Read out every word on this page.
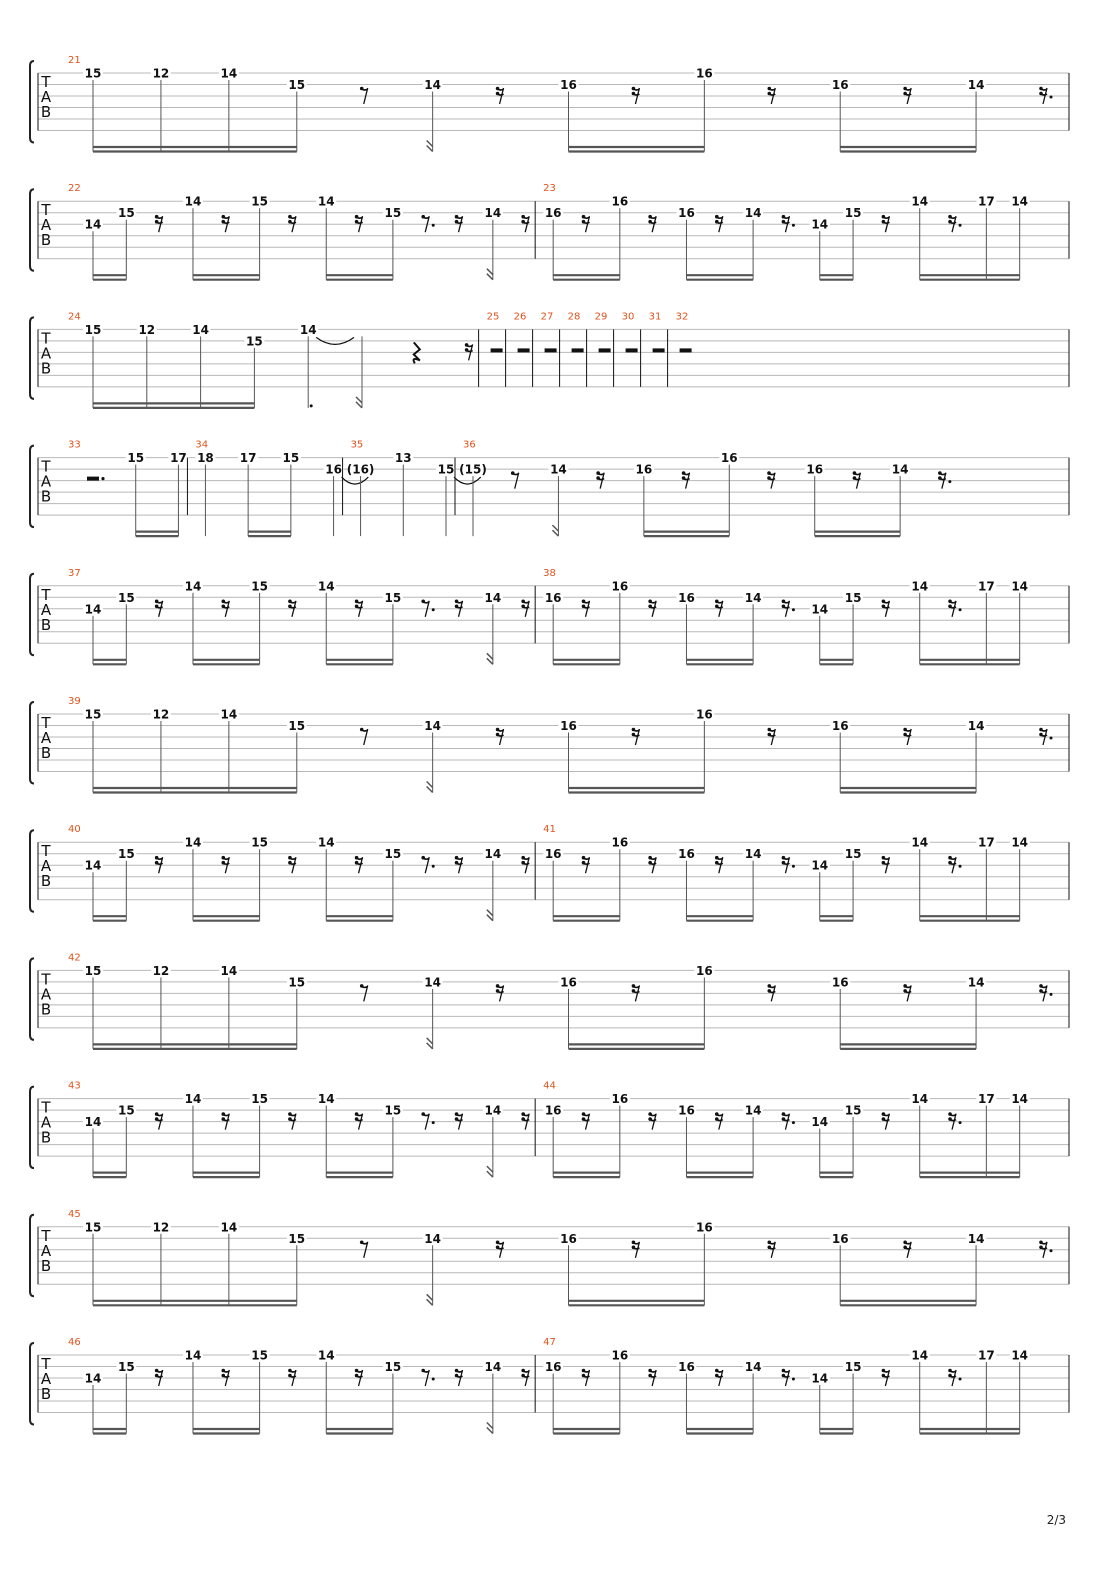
T
A
B
21
15	12	14
15	14	16
16
16	14
T
A
B
22
14
15
14	15	14
15	14
23
16
16
16	14
14
15
14	17 14
T
A
B
24
15	12	14
15
14
25 26 27 28 29 30 31 32
T
A
B
33
15 17
34
18 17 15
16
35
(16)
13
15
36
(15)	14	16
16
16	14
T
A
B
37
14
15
14	15	14
15	14
38
16
16
16	14
14
15
14	17 14
T
A
B
39
15	12	14
15	14	16
16
16	14
T
A
B
40
14
15
14	15	14
15	14
41
16
16
16	14
14
15
14	17 14
T
A
B
42
15	12	14
15	14	16
16
16	14
T
A
B
43
14
15
14	15	14
15	14
44
16
16
16	14
14
15
14	17 14
T
A
B
45
15	12	14
15	14	16
16
16	14
T
A
B
46
14
15
14	15	14
15	14
47
16
16
16	14
14
15
14	17 14
2/3
